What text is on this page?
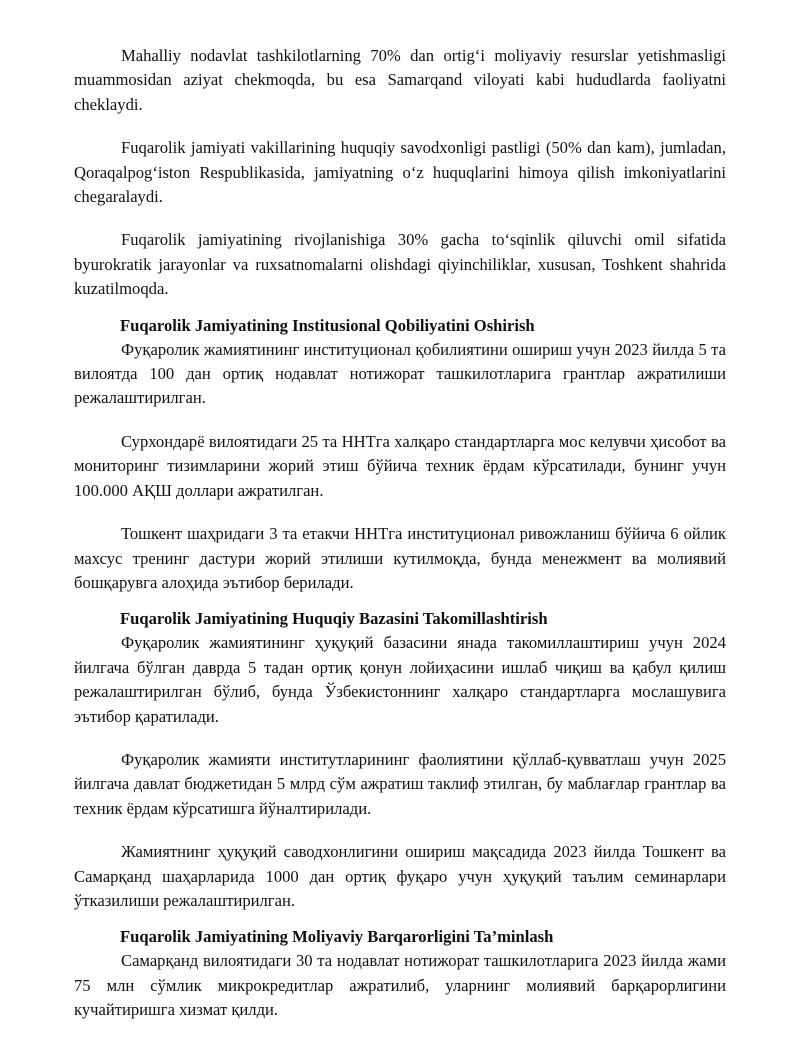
Mahalliy nodavlat tashkilotlarning 70% dan ortig‘i moliyaviy resurslar yetishmasligi muammosidan aziyat chekmoqda, bu esa Samarqand viloyati kabi hududlarda faoliyatni cheklaydi.

Fuqarolik jamiyati vakillarining huquqiy savodxonligi pastligi (50% dan kam), jumladan, Qoraqalpog‘iston Respublikasida, jamiyatning o‘z huquqlarini himoya qilish imkoniyatlarini chegaralaydi.

Fuqarolik jamiyatining rivojlanishiga 30% gacha to‘sqinlik qiluvchi omil sifatida byurokratik jarayonlar va ruxsatnomalarni olishdagi qiyinchiliklar, xususan, Toshkent shahrida kuzatilmoqda.

Fuqarolik Jamiyatining Institusional Qobiliyatini Oshirish

Фуқаролик жамиятининг институционал қобилиятини ошириш учун 2023 йилда 5 та вилоятда 100 дан ортиқ нодавлат нотижорат ташкилотларига грантлар ажратилиши режалаштирилган.

Сурхондарё вилоятидаги 25 та ННТга халқаро стандартларга мос келувчи ҳисобот ва мониторинг тизимларини жорий этиш бўйича техник ёрдам кўрсатилади, бунинг учун 100.000 АҚШ доллари ажратилган.

Тошкент шаҳридаги 3 та етакчи ННТга институционал ривожланиш бўйича 6 ойлик махсус тренинг дастури жорий этилиши кутилмоқда, бунда менежмент ва молиявий бошқарувга алоҳида эътибор берилади.

Fuqarolik Jamiyatining Huquqiy Bazasini Takomillashtirish

Фуқаролик жамиятининг ҳуқуқий базасини янада такомиллаштириш учун 2024 йилгача бўлган даврда 5 тадан ортиқ қонун лойиҳасини ишлаб чиқиш ва қабул қилиш режалаштирилган бўлиб, бунда Ўзбекистоннинг халқаро стандартларга мослашувига эътибор қаратилади.

Фуқаролик жамияти институтларининг фаолиятини қўллаб-қувватлаш учун 2025 йилгача давлат бюджетидан 5 млрд сўм ажратиш таклиф этилган, бу маблағлар грантлар ва техник ёрдам кўрсатишга йўналтирилади.

Жамиятнинг ҳуқуқий саводхонлигини ошириш мақсадида 2023 йилда Тошкент ва Самарқанд шаҳарларида 1000 дан ортиқ фуқаро учун ҳуқуқий таълим семинарлари ўтказилиши режалаштирилган.

Fuqarolik Jamiyatining Moliyaviy Barqarorligini Ta’minlash

Самарқанд вилоятидаги 30 та нодавлат нотижорат ташкилотларига 2023 йилда жами 75 млн сўмлик микрокредитлар ажратилиб, уларнинг молиявий барқарорлигини кучайтиришга хизмат қилди.
